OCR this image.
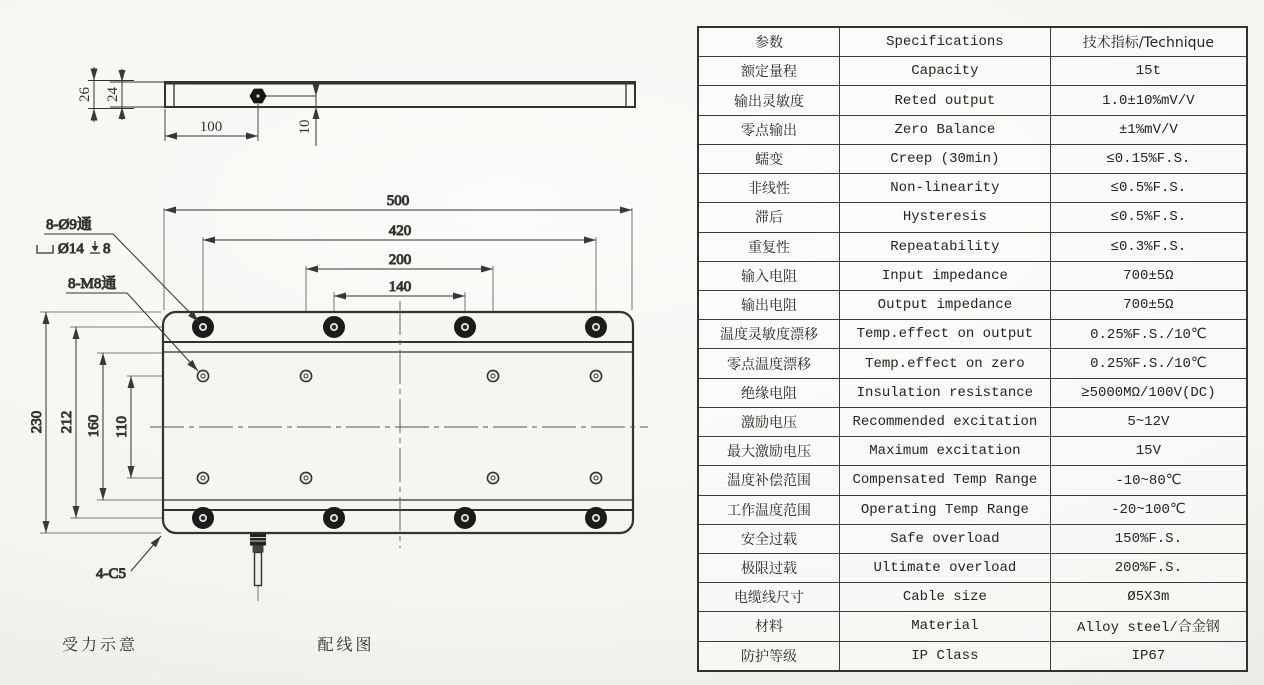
26 24
100	10
500
420
200
140
230 212 160 110
8-Ø9通
Ø14 8
8-M8通
4-C5
受力示意	配线图
参数	Specifications	技术指标/Technique
额定量程	Capacity	15t
输出灵敏度	Reted output	1.0±10%mV/V
零点输出	Zero Balance	±1%mV/V
蠕变	Creep (30min)	≤0.15%F.S.
非线性	Non-linearity	≤0.5%F.S.
滞后	Hysteresis	≤0.5%F.S.
重复性	Repeatability	≤0.3%F.S.
输入电阻	Input impedance	700±5Ω
输出电阻	Output impedance	700±5Ω
温度灵敏度漂移	Temp.effect on output	0.25%F.S./10℃
零点温度漂移	Temp.effect on zero	0.25%F.S./10℃
绝缘电阻	Insulation resistance	≥5000MΩ/100V(DC)
激励电压	Recommended excitation	5~12V
最大激励电压	Maximum excitation	15V
温度补偿范围	Compensated Temp Range	-10~80℃
工作温度范围	Operating Temp Range	-20~100℃
安全过载	Safe overload	150%F.S.
极限过载	Ultimate overload	200%F.S.
电缆线尺寸	Cable size	Ø5X3m
材料	Material	Alloy steel/合金钢
防护等级	IP Class	IP67
